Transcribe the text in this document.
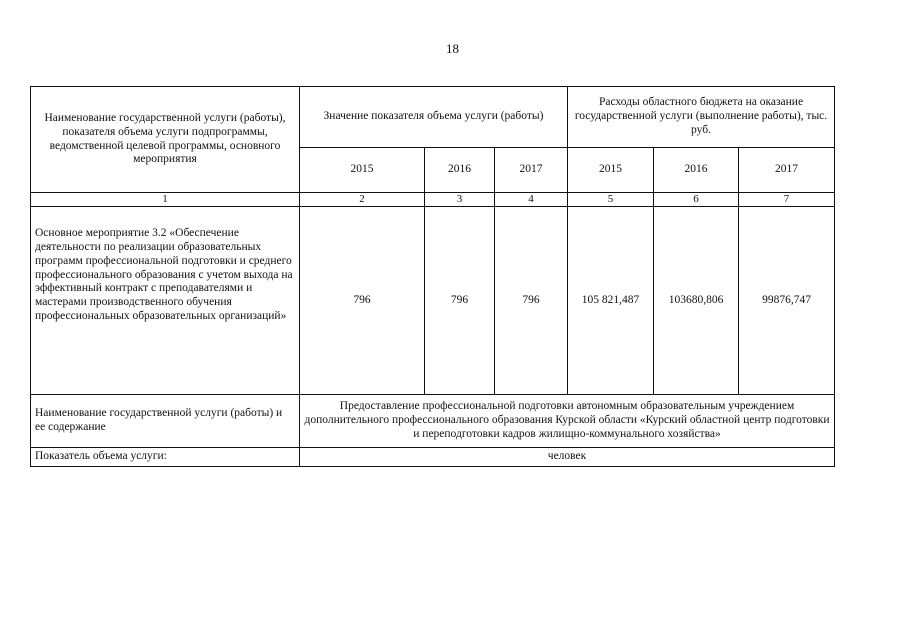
18
Наименование государственной услуги (работы), показателя объема услуги подпрограммы, ведомственной целевой программы, основного мероприятия	Значение показателя объема услуги (работы)			Расходы областного бюджета на оказание государственной услуги (выполнение работы), тыс. руб.		
	2015	2016	2017	2015	2016	2017
1	2	3	4	5	6	7
Основное мероприятие 3.2 «Обеспечение деятельности по реализации образовательных программ профессиональной подготовки и среднего профессионального образования с учетом выхода на эффективный контракт с преподавателями и мастерами производственного обучения профессиональных образовательных организаций»	796	796	796	105 821,487	103680,806	99876,747
Наименование государственной услуги (работы) и ее содержание	Предоставление профессиональной подготовки автономным образовательным учреждением дополнительного профессионального образования Курской области «Курский областной центр подготовки и переподготовки кадров жилищно-коммунального хозяйства»					
Показатель объема услуги:	человек					
